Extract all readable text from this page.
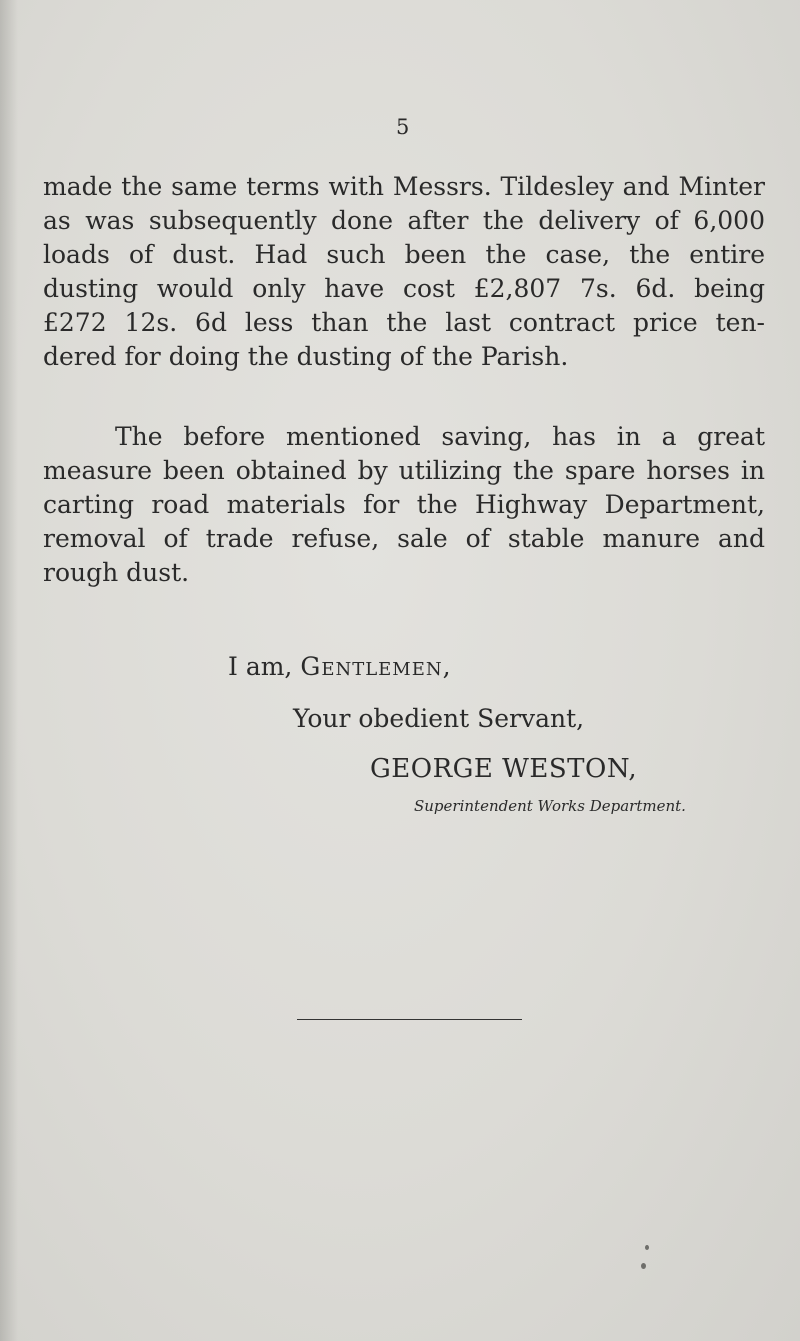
5

made the same terms with Messrs. Tildesley and Minter
as was subsequently done after the delivery of 6,000
loads of dust. Had such been the case, the entire
dusting would only have cost £2,807 7s. 6d. being
£272 12s. 6d less than the last contract price ten-
dered for doing the dusting of the Parish.

The before mentioned saving, has in a great
measure been obtained by utilizing the spare horses in
carting road materials for the Highway Department,
removal of trade refuse, sale of stable manure and
rough dust.

I am, Gentlemen,
Your obedient Servant,
GEORGE WESTON,
Superintendent Works Department.
